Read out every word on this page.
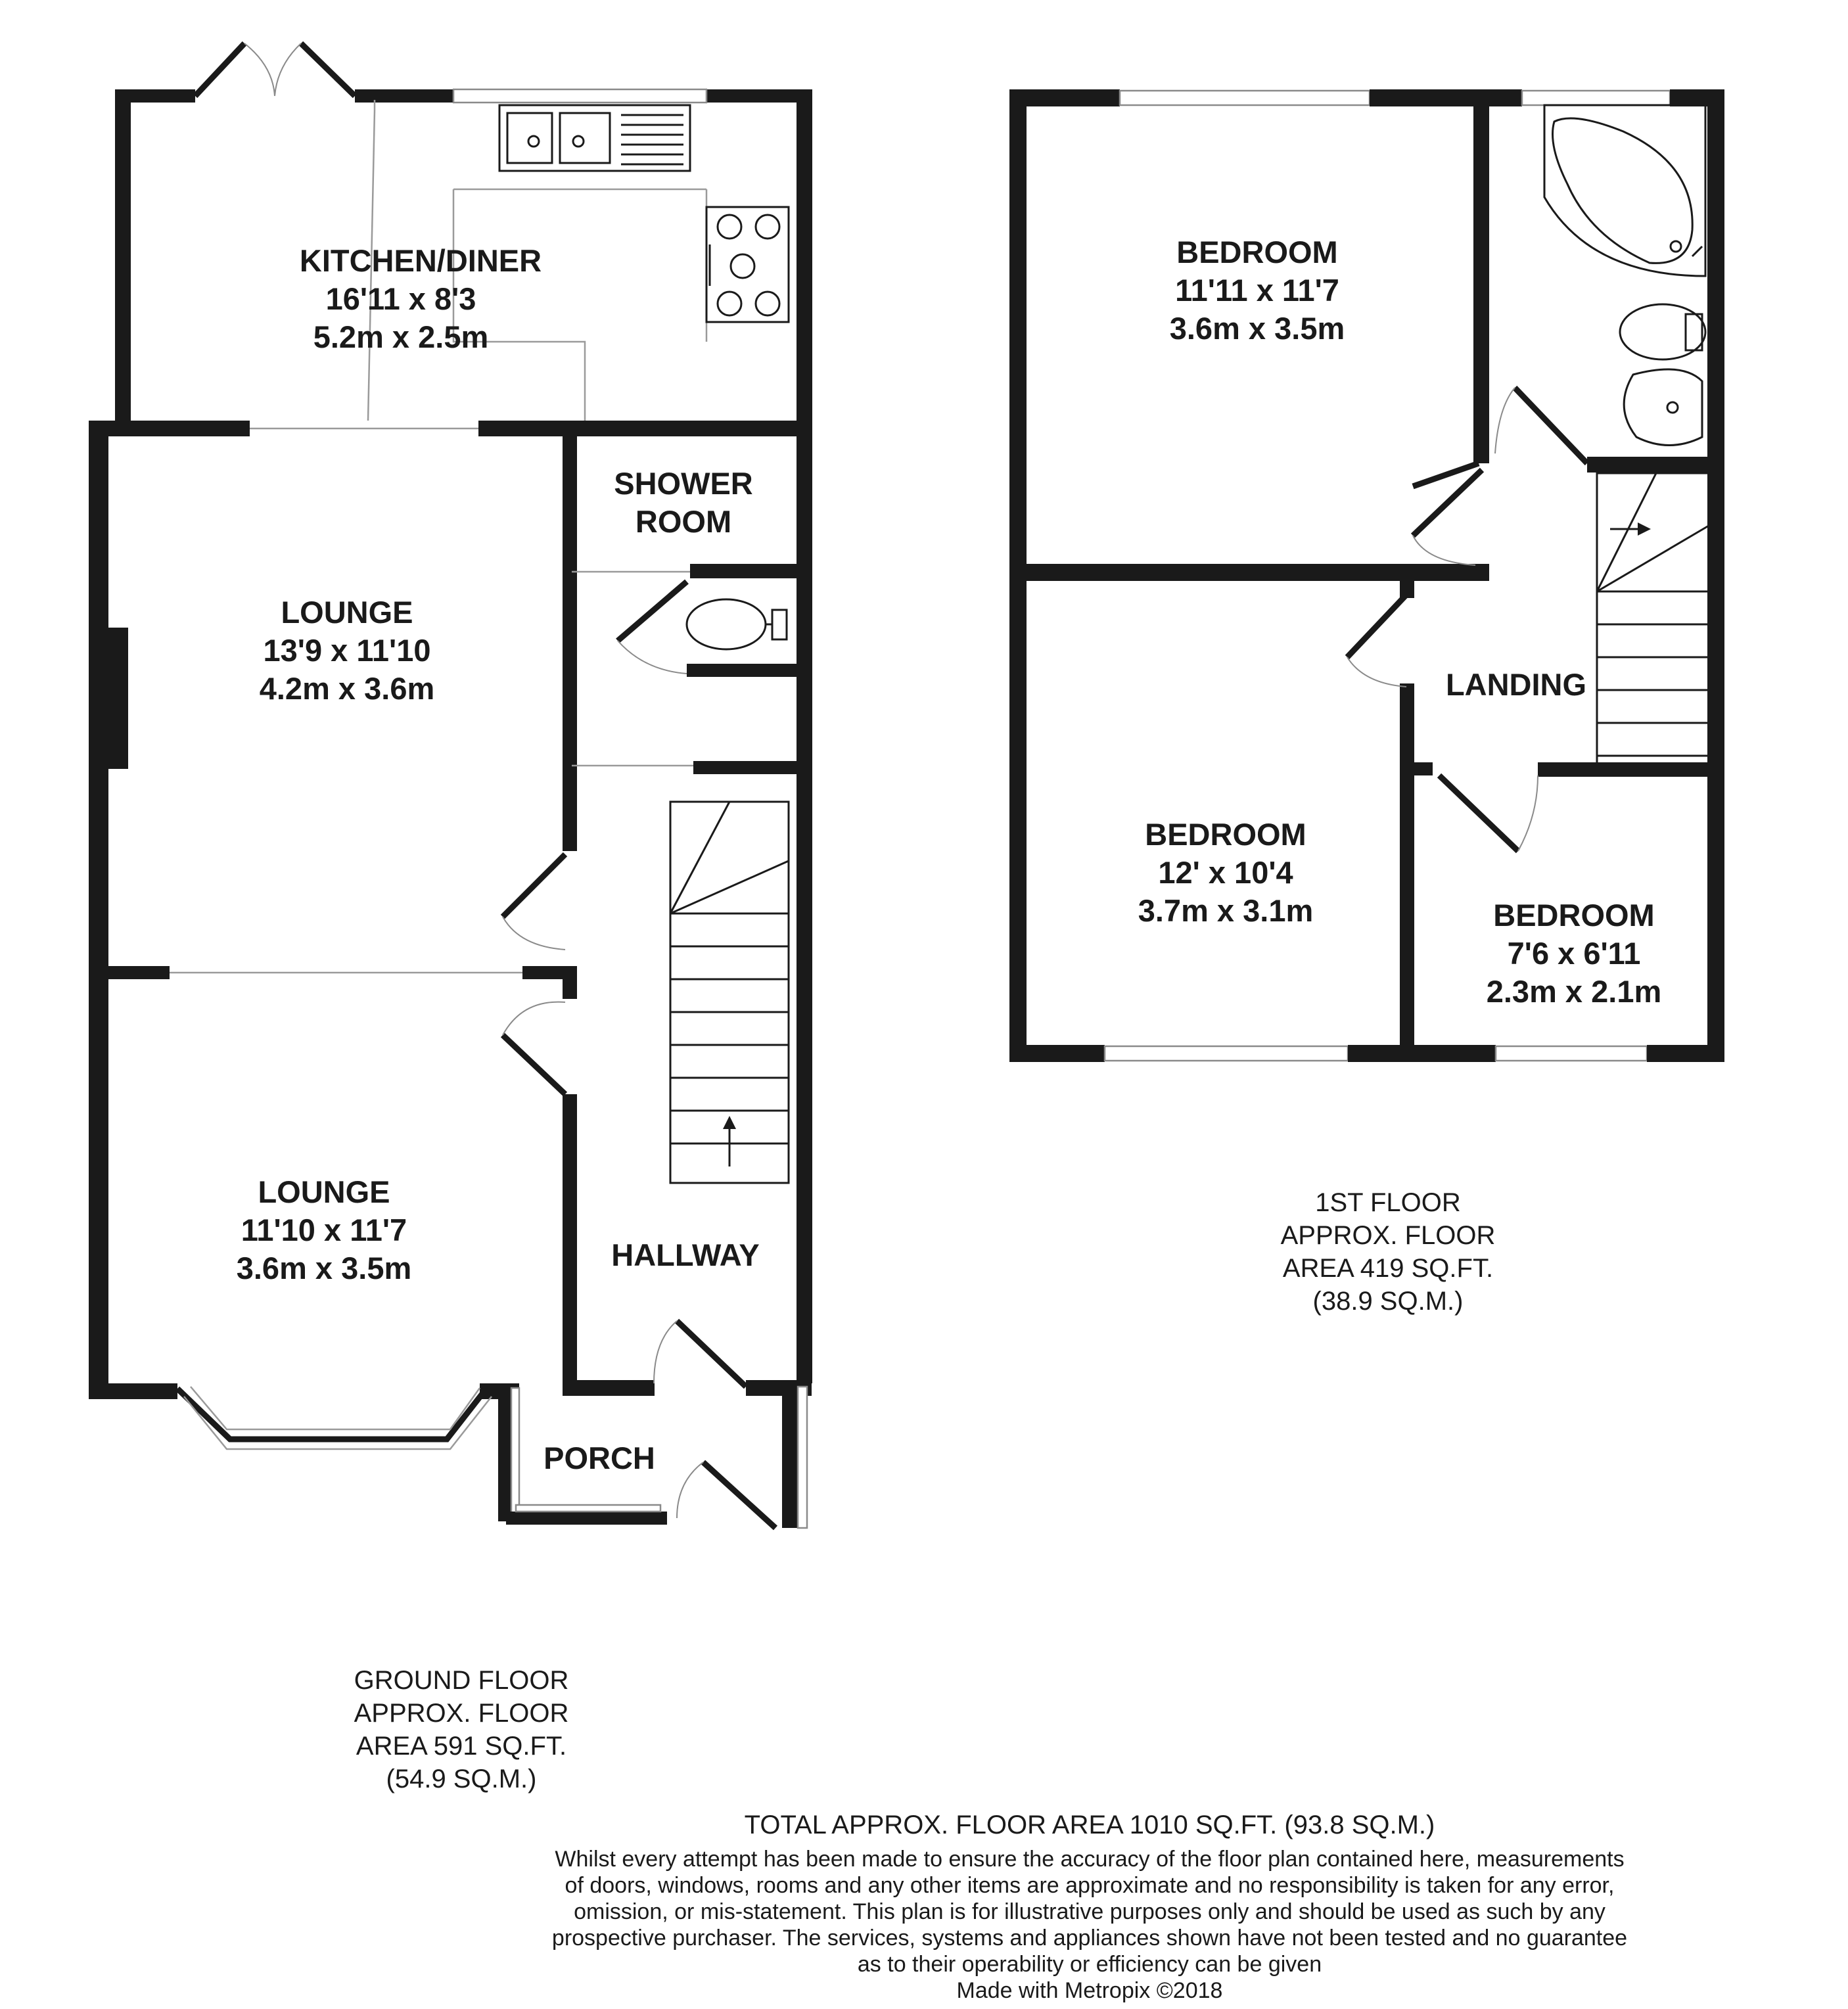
KITCHEN/DINER
16'11 x 8'3
5.2m x 2.5m
SHOWER
ROOM
LOUNGE
13'9 x 11'10
4.2m x 3.6m
LOUNGE
11'10 x 11'7
3.6m x 3.5m	HALLWAY
PORCH
BEDROOM
11'11 x 11'7
3.6m x 3.5m
BEDROOM
12' x 10'4
3.7m x 3.1m	BEDROOM
7'6 x 6'11
2.3m x 2.1m
LANDING
1ST FLOOR
APPROX. FLOOR
AREA 419 SQ.FT.
(38.9 SQ.M.)
GROUND FLOOR
APPROX. FLOOR
AREA 591 SQ.FT.
(54.9 SQ.M.)
TOTAL APPROX. FLOOR AREA 1010 SQ.FT. (93.8 SQ.M.)
Whilst every attempt has been made to ensure the accuracy of the floor plan contained here, measurements
of doors, windows, rooms and any other items are approximate and no responsibility is taken for any error,
omission, or mis-statement. This plan is for illustrative purposes only and should be used as such by any
prospective purchaser. The services, systems and appliances shown have not been tested and no guarantee
as to their operability or efficiency can be given
Made with Metropix ©2018
